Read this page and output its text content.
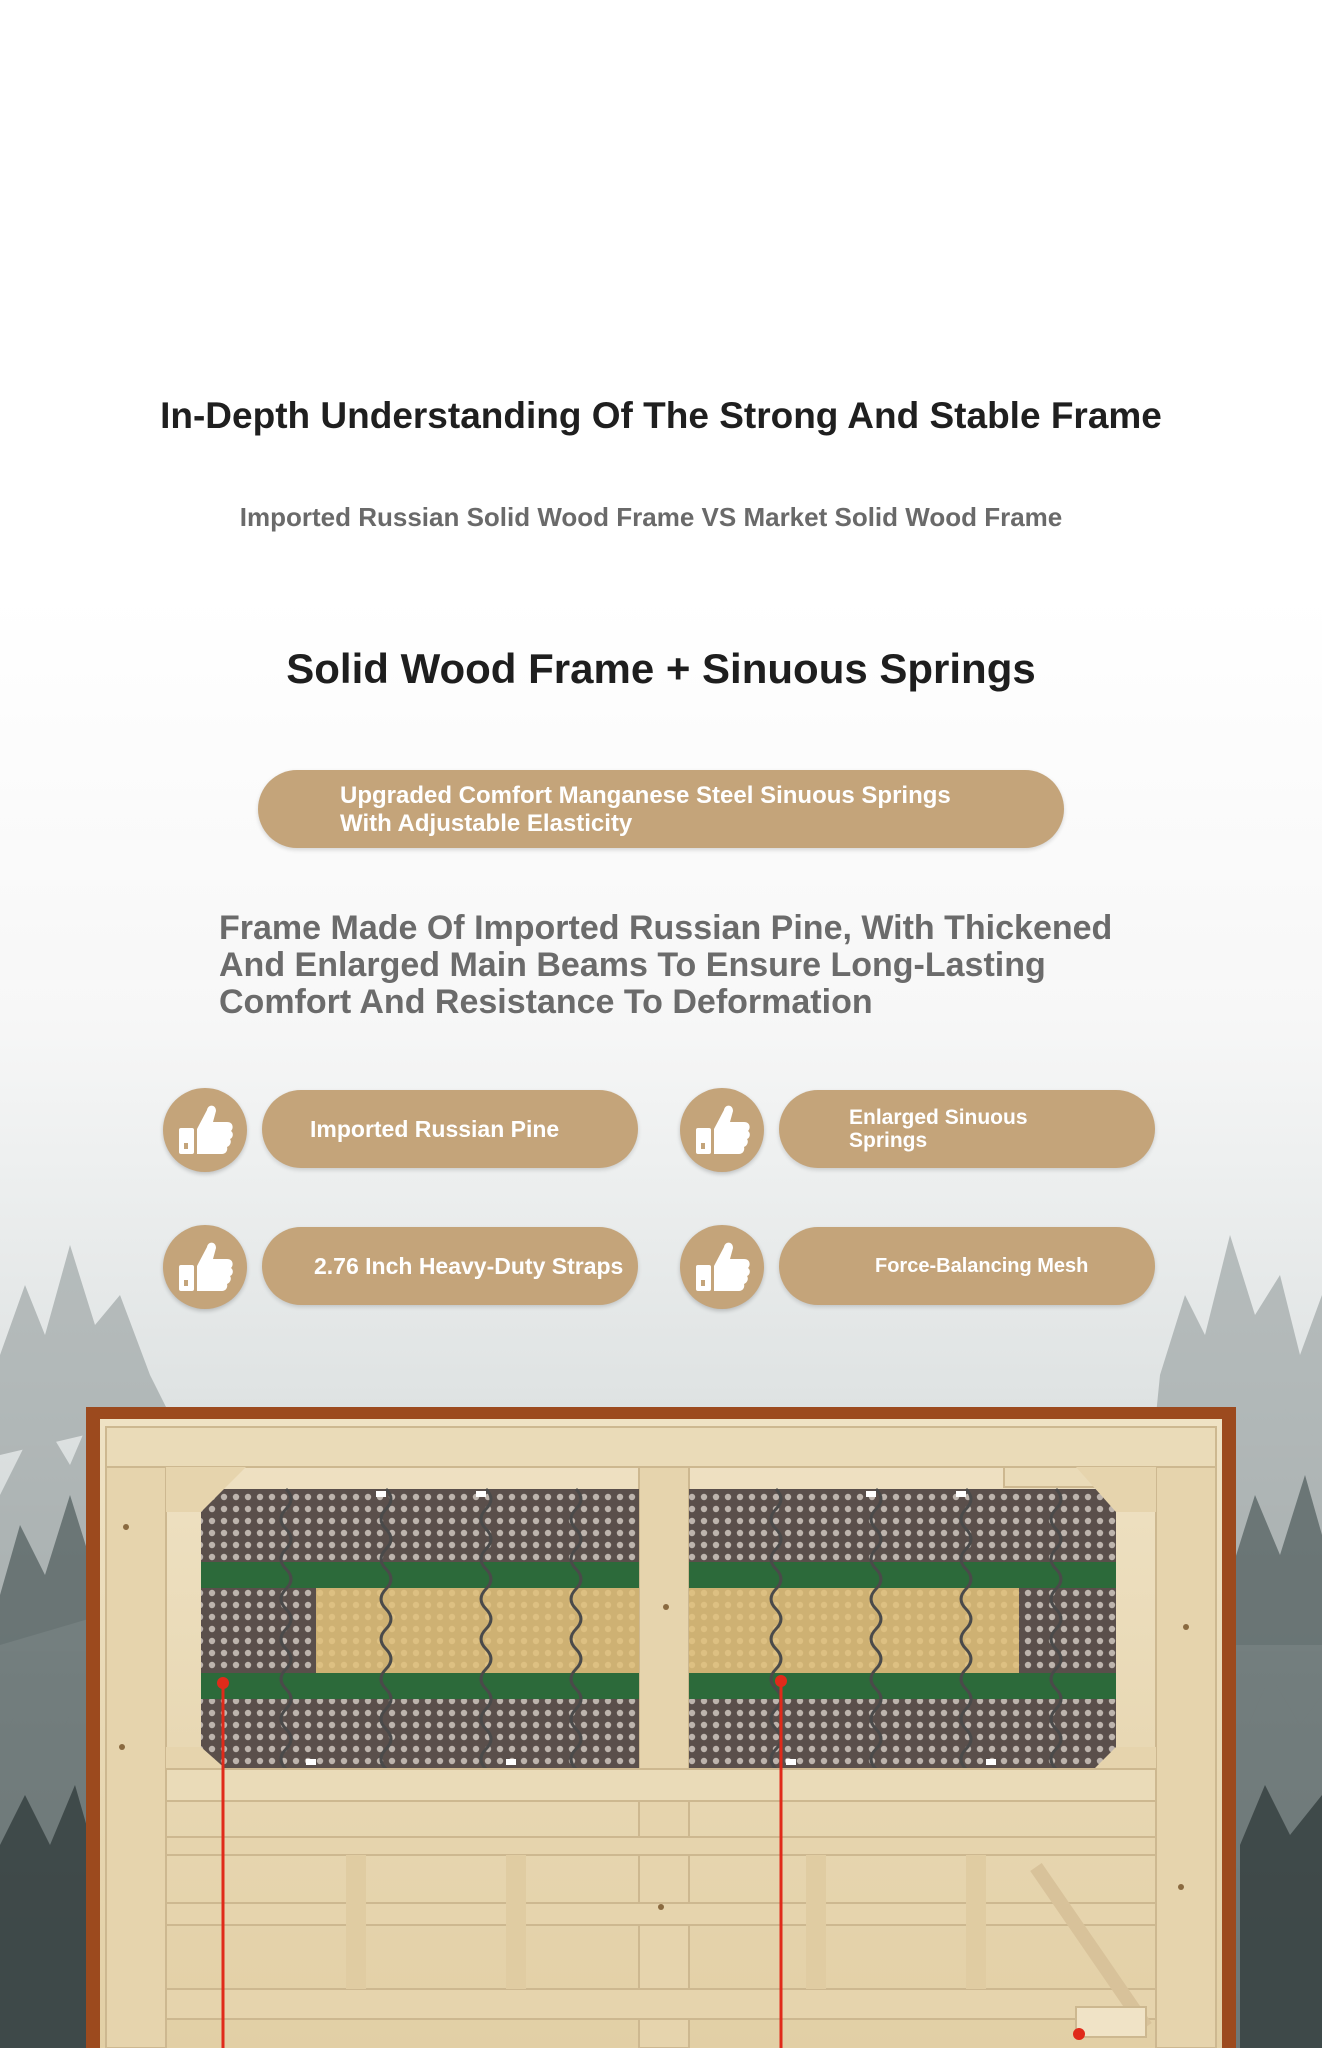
In-Depth Understanding Of The Strong And Stable Frame

Imported Russian Solid Wood Frame VS Market Solid Wood Frame

Solid Wood Frame + Sinuous Springs
Upgraded Comfort Manganese Steel Sinuous Springs
With Adjustable Elasticity

Frame Made Of Imported Russian Pine, With Thickened
And Enlarged Main Beams To Ensure Long-Lasting
Comfort And Resistance To Deformation

Imported Russian Pine	Enlarged Sinuous
Springs
2.76 Inch Heavy-Duty Straps	Force-Balancing Mesh
